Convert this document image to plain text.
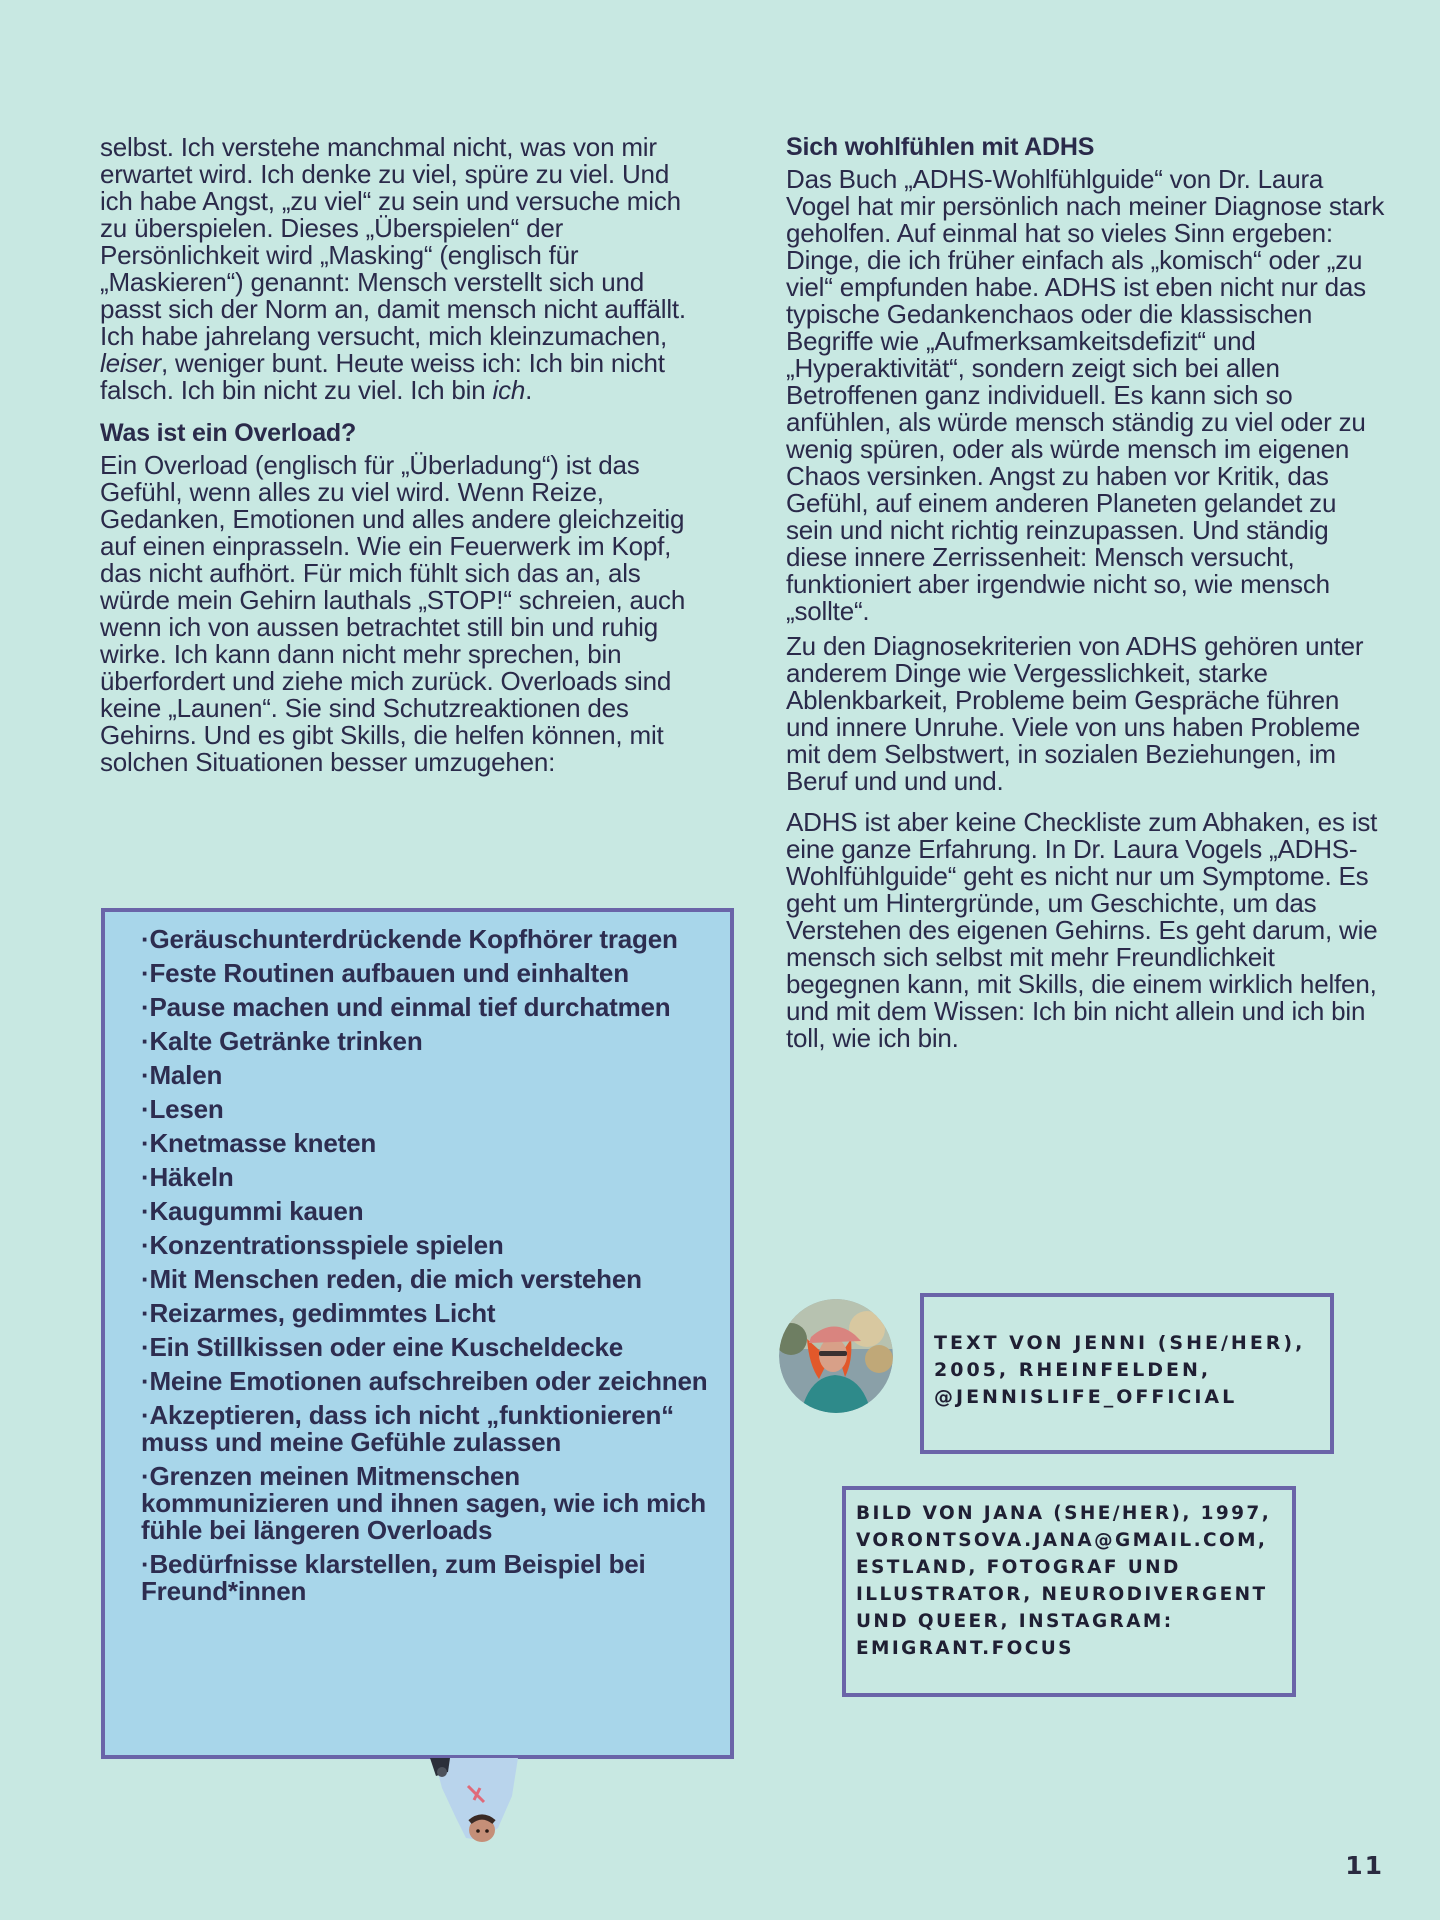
selbst. Ich verstehe manchmal nicht, was von mir erwartet wird. Ich denke zu viel, spüre zu viel. Und ich habe Angst, „zu viel“ zu sein und versuche mich zu überspielen. Dieses „Überspielen“ der Persönlichkeit wird „Masking“ (englisch für „Maskieren“) genannt: Mensch verstellt sich und passt sich der Norm an, damit mensch nicht auffällt. Ich habe jahrelang versucht, mich kleinzumachen, leiser, weniger bunt. Heute weiss ich: Ich bin nicht falsch. Ich bin nicht zu viel. Ich bin ich.

Was ist ein Overload?

Ein Overload (englisch für „Überladung“) ist das Gefühl, wenn alles zu viel wird. Wenn Reize, Gedanken, Emotionen und alles andere gleichzeitig auf einen einprasseln. Wie ein Feuerwerk im Kopf, das nicht aufhört. Für mich fühlt sich das an, als würde mein Gehirn lauthals „STOP!“ schreien, auch wenn ich von aussen betrachtet still bin und ruhig wirke. Ich kann dann nicht mehr sprechen, bin überfordert und ziehe mich zurück. Overloads sind keine „Launen“. Sie sind Schutzreaktionen des Gehirns. Und es gibt Skills, die helfen können, mit solchen Situationen besser umzugehen:

· Geräuschunterdrückende Kopfhörer tragen
· Feste Routinen aufbauen und einhalten
· Pause machen und einmal tief durchatmen
· Kalte Getränke trinken
· Malen
· Lesen
· Knetmasse kneten
· Häkeln
· Kaugummi kauen
· Konzentrationsspiele spielen
· Mit Menschen reden, die mich verstehen
· Reizarmes, gedimmtes Licht
· Ein Stillkissen oder eine Kuscheldecke
· Meine Emotionen aufschreiben oder zeichnen
· Akzeptieren, dass ich nicht „funktionieren“ muss und meine Gefühle zulassen
· Grenzen meinen Mitmenschen kommunizieren und ihnen sagen, wie ich mich fühle bei längeren Overloads
· Bedürfnisse klarstellen, zum Beispiel bei Freund*innen
Sich wohlfühlen mit ADHS

Das Buch „ADHS-Wohlfühlguide“ von Dr. Laura Vogel hat mir persönlich nach meiner Diagnose stark geholfen. Auf einmal hat so vieles Sinn ergeben: Dinge, die ich früher einfach als „komisch“ oder „zu viel“ empfunden habe. ADHS ist eben nicht nur das typische Gedankenchaos oder die klassischen Begriffe wie „Aufmerksamkeitsdefizit“ und „Hyperaktivität“, sondern zeigt sich bei allen Betroffenen ganz individuell. Es kann sich so anfühlen, als würde mensch ständig zu viel oder zu wenig spüren, oder als würde mensch im eigenen Chaos versinken. Angst zu haben vor Kritik, das Gefühl, auf einem anderen Planeten gelandet zu sein und nicht richtig reinzupassen. Und ständig diese innere Zerrissenheit: Mensch versucht, funktioniert aber irgendwie nicht so, wie mensch „sollte“.

Zu den Diagnosekriterien von ADHS gehören unter anderem Dinge wie Vergesslichkeit, starke Ablenkbarkeit, Probleme beim Gespräche führen und innere Unruhe. Viele von uns haben Probleme mit dem Selbstwert, in sozialen Beziehungen, im Beruf und und und.

ADHS ist aber keine Checkliste zum Abhaken, es ist eine ganze Erfahrung. In Dr. Laura Vogels „ADHS-Wohlfühlguide“ geht es nicht nur um Symptome. Es geht um Hintergründe, um Geschichte, um das Verstehen des eigenen Gehirns. Es geht darum, wie mensch sich selbst mit mehr Freundlichkeit begegnen kann, mit Skills, die einem wirklich helfen, und mit dem Wissen: Ich bin nicht allein und ich bin toll, wie ich bin.

TEXT VON JENNI (SHE/HER), 2005, RHEINFELDEN, @JENNISLIFE_OFFICIAL
BILD VON JANA (SHE/HER), 1997, VORONTSOVA.JANA@GMAIL.COM, ESTLAND, FOTOGRAF UND ILLUSTRATOR, NEURODIVERGENT UND QUEER, INSTAGRAM: EMIGRANT.FOCUS
11
